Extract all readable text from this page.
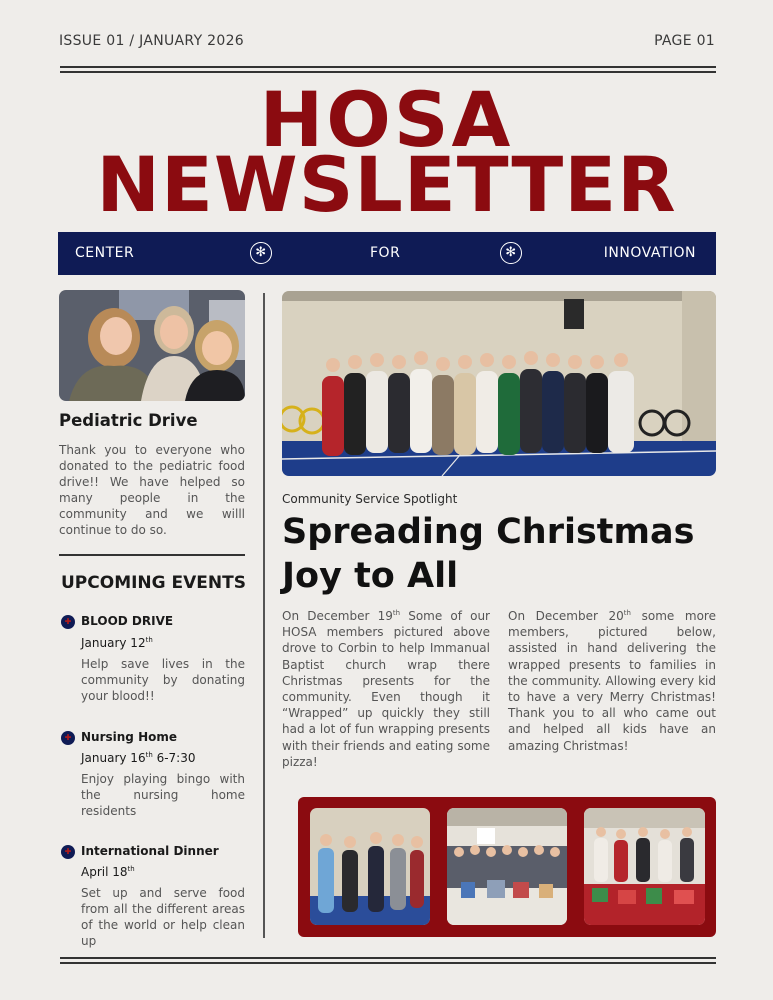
ISSUE 01 / JANUARY 2026	PAGE 01
HOSA
NEWSLETTER
CENTER	✻	FOR	✻	INNOVATION
Pediatric Drive
Thank you to everyone who donated to the pediatric food drive!! We have helped so many people in the community and we willl continue to do so.
UPCOMING EVENTS
✚ BLOOD DRIVE
January 12th
Help save lives in the community by donating your blood!!
✚ Nursing Home
January 16th 6-7:30
Enjoy playing bingo with the nursing home residents
✚ International Dinner
April 18th
Set up and serve food from all the different areas of the world or help clean up
Community Service Spotlight
Spreading Christmas
Joy to All
On December 19th Some of our HOSA members pictured above drove to Corbin to help Immanual Baptist church wrap there Christmas presents for the community. Even though it “Wrapped” up quickly they still had a lot of fun wrapping presents with their friends and eating some pizza!
On December 20th some more members, pictured below, assisted in hand delivering the wrapped presents to families in the community. Allowing every kid to have a very Merry Christmas! Thank you to all who came out and helped all kids have an amazing Christmas!
